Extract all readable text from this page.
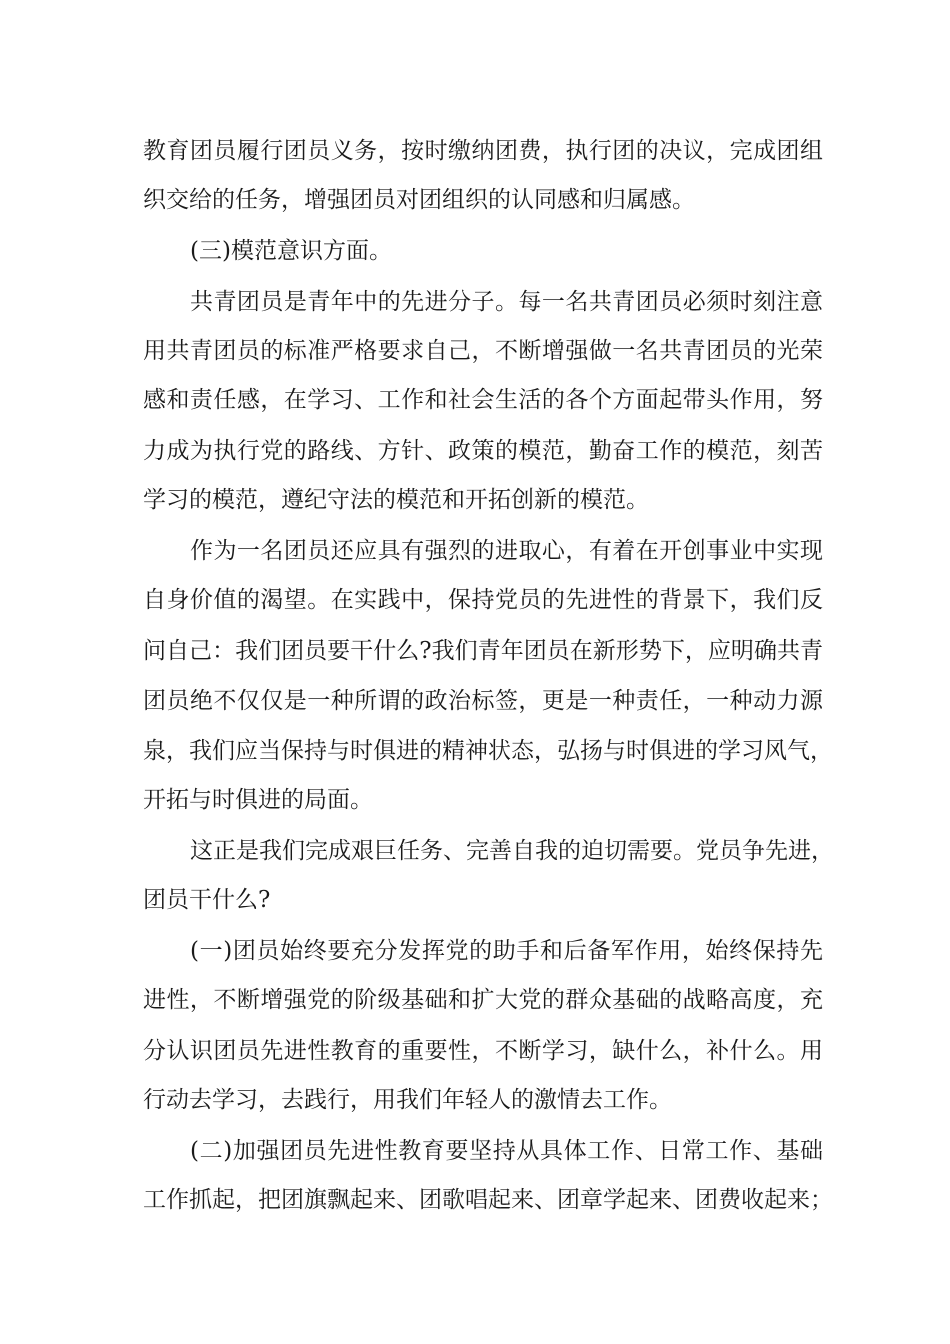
教育团员履行团员义务，按时缴纳团费，执行团的决议，完成团组

织交给的任务，增强团员对团组织的认同感和归属感。

(三)模范意识方面。

共青团员是青年中的先进分子。每一名共青团员必须时刻注意

用共青团员的标准严格要求自己，不断增强做一名共青团员的光荣

感和责任感，在学习、工作和社会生活的各个方面起带头作用，努

力成为执行党的路线、方针、政策的模范，勤奋工作的模范，刻苦

学习的模范，遵纪守法的模范和开拓创新的模范。

作为一名团员还应具有强烈的进取心，有着在开创事业中实现

自身价值的渴望。在实践中，保持党员的先进性的背景下，我们反

问自己：我们团员要干什么?我们青年团员在新形势下，应明确共青

团员绝不仅仅是一种所谓的政治标签，更是一种责任，一种动力源

泉，我们应当保持与时俱进的精神状态，弘扬与时俱进的学习风气，

开拓与时俱进的局面。

这正是我们完成艰巨任务、完善自我的迫切需要。党员争先进，

团员干什么?

(一)团员始终要充分发挥党的助手和后备军作用，始终保持先

进性，不断增强党的阶级基础和扩大党的群众基础的战略高度，充

分认识团员先进性教育的重要性，不断学习，缺什么，补什么。用

行动去学习，去践行，用我们年轻人的激情去工作。

(二)加强团员先进性教育要坚持从具体工作、日常工作、基础

工作抓起，把团旗飘起来、团歌唱起来、团章学起来、团费收起来；
